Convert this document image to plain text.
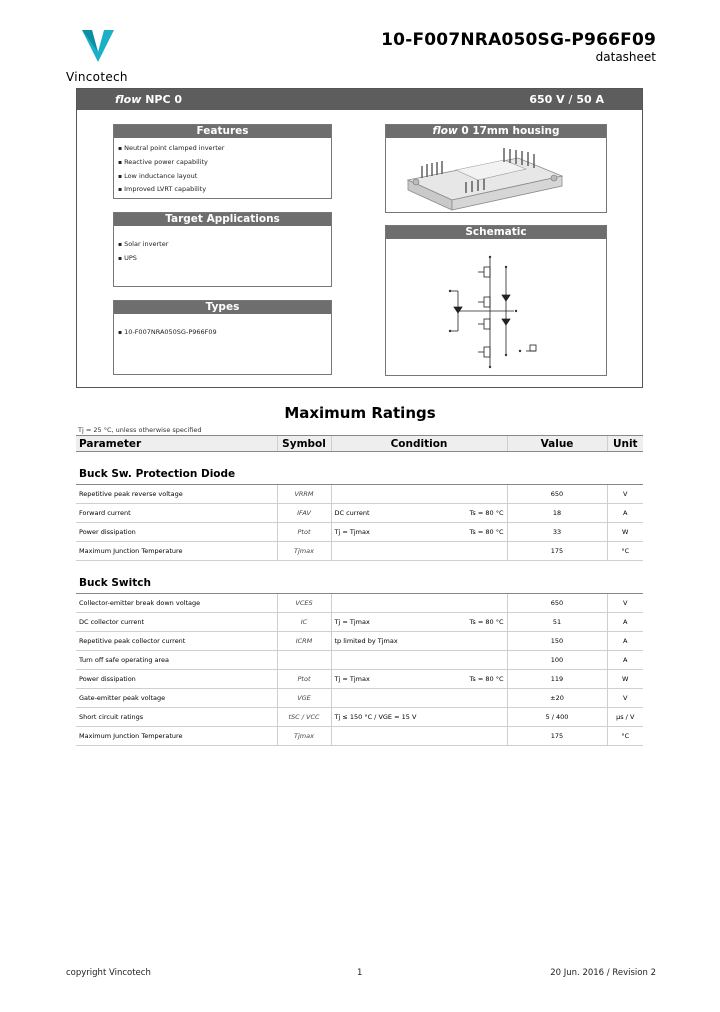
Vincotech
10-F007NRA050SG-P966F09
datasheet
flow NPC 0	650 V / 50 A
Features
▪ Neutral point clamped inverter
▪ Reactive power capability
▪ Low inductance layout
▪ Improved LVRT capability
Target Applications
▪ Solar inverter
▪ UPS
Types
▪ 10-F007NRA050SG-P966F09
flow 0 17mm housing
Schematic
Maximum Ratings
Tj = 25 °C, unless otherwise specified
Parameter	Symbol	Condition	Value	Unit

Buck Sw. Protection Diode				
Repetitive peak reverse voltage	VRRM		650	V
Forward current	IFAV	DC current Ts = 80 °C	18	A
Power dissipation	Ptot	Tj = Tjmax Ts = 80 °C	33	W
Maximum Junction Temperature	Tjmax		175	°C

Buck Switch				
Collector-emitter break down voltage	VCES		650	V
DC collector current	IC	Tj = Tjmax Ts = 80 °C	51	A
Repetitive peak collector current	ICRM	tp limited by Tjmax	150	A
Turn off safe operating area			100	A
Power dissipation	Ptot	Tj = Tjmax Ts = 80 °C	119	W
Gate-emitter peak voltage	VGE		±20	V
Short circuit ratings	tSC / VCC	Tj ≤ 150 °C / VGE = 15 V	5 / 400	μs / V
Maximum Junction Temperature	Tjmax		175	°C
copyright Vincotech	1	20 Jun. 2016 / Revision 2
